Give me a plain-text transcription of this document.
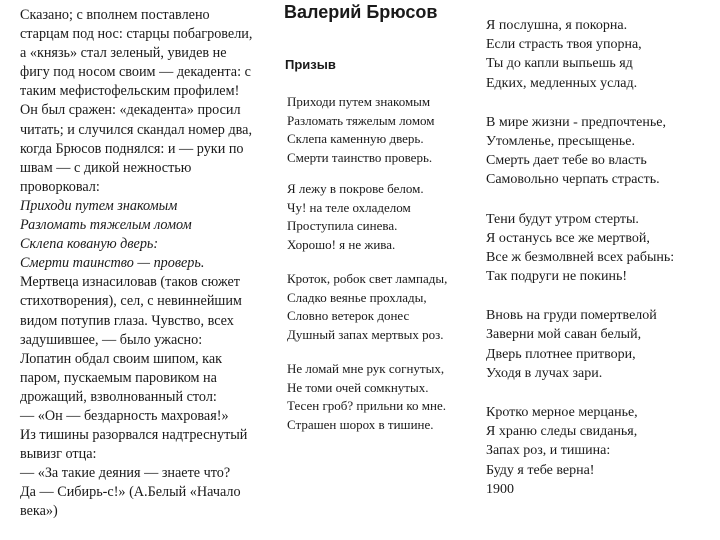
Валерий Брюсов
Призыв
Сказано; с вполнем поставлено
старцам под нос: старцы побагровели,
а «князь» стал зеленый, увидев не
фигу под носом своим — декадента: с
таким мефистофельским профилем!
Он был сражен: «декадента» просил
читать; и случился скандал номер два,
когда Брюсов поднялся: и — руки по
швам — с дикой нежностью
проворковал:
Приходи путем знакомым
Разломать тяжелым ломом
Склепа кованую дверь:
Смерти таинство — проверь.
Мертвеца изнасиловав (таков сюжет
стихотворения), сел, с невиннейшим
видом потупив глаза. Чувство, всех
задушившее, — было ужасно:
Лопатин обдал своим шипом, как
паром, пускаемым паровиком на
дрожащий, взволнованный стол:
— «Он — бездарность махровая!»
Из тишины разорвался надтреснутый
вывизг отца:
— «За такие деяния — знаете что?
Да — Сибирь-с!» (А.Белый «Начало
века»)
Приходи путем знакомым
Разломать тяжелым ломом
Склепа каменную дверь.
Смерти таинство проверь.
Я лежу в покрове белом.
Чу! на теле охладелом
Проступила синева.
Хорошо! я не жива.
Кроток, робок свет лампады,
Сладко веянье прохлады,
Словно ветерок донес
Душный запах мертвых роз.
Не ломай мне рук согнутых,
Не томи очей сомкнутых.
Тесен гроб? прильни ко мне.
Страшен шорох в тишине.
Я послушна, я покорна.
Если страсть твоя упорна,
Ты до капли выпьешь яд
Едких, медленных услад.
В мире жизни - предпочтенье,
Утомленье, пресыщенье.
Смерть дает тебе во власть
Самовольно черпать страсть.
Тени будут утром стерты.
Я останусь все же мертвой,
Все ж безмолвней всех рабынь:
Так подруги не покинь!
Вновь на груди помертвелой
Заверни мой саван белый,
Дверь плотнее притвори,
Уходя в лучах зари.
Кротко мерное мерцанье,
Я храню следы свиданья,
Запах роз, и тишина:
Буду я тебе верна!
1900
